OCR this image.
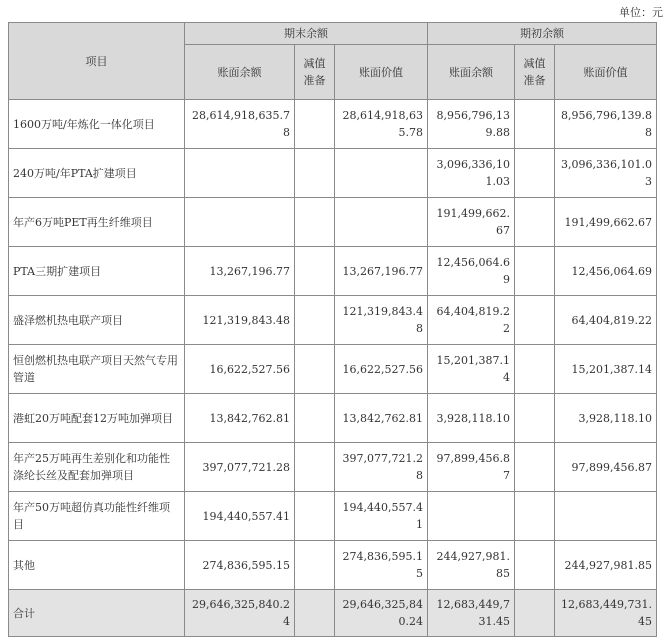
单位：元
项目	期末余额			期初余额		
	账面余额	减值准备	账面价值	账面余额	减值准备	账面价值
1600万吨/年炼化一体化项目	28,614,918,635.78		28,614,918,635.78	8,956,796,139.88		8,956,796,139.88
240万吨/年PTA扩建项目				3,096,336,101.03		3,096,336,101.03
年产6万吨PET再生纤维项目				191,499,662.67		191,499,662.67
PTA三期扩建项目	13,267,196.77		13,267,196.77	12,456,064.69		12,456,064.69
盛泽燃机热电联产项目	121,319,843.48		121,319,843.48	64,404,819.22		64,404,819.22
恒创燃机热电联产项目天然气专用管道	16,622,527.56		16,622,527.56	15,201,387.14		15,201,387.14
港虹20万吨配套12万吨加弹项目	13,842,762.81		13,842,762.81	3,928,118.10		3,928,118.10
年产25万吨再生差别化和功能性涤纶长丝及配套加弹项目	397,077,721.28		397,077,721.28	97,899,456.87		97,899,456.87
年产50万吨超仿真功能性纤维项目	194,440,557.41		194,440,557.41			
其他	274,836,595.15		274,836,595.15	244,927,981.85		244,927,981.85
合计	29,646,325,840.24		29,646,325,840.24	12,683,449,731.45		12,683,449,731.45
